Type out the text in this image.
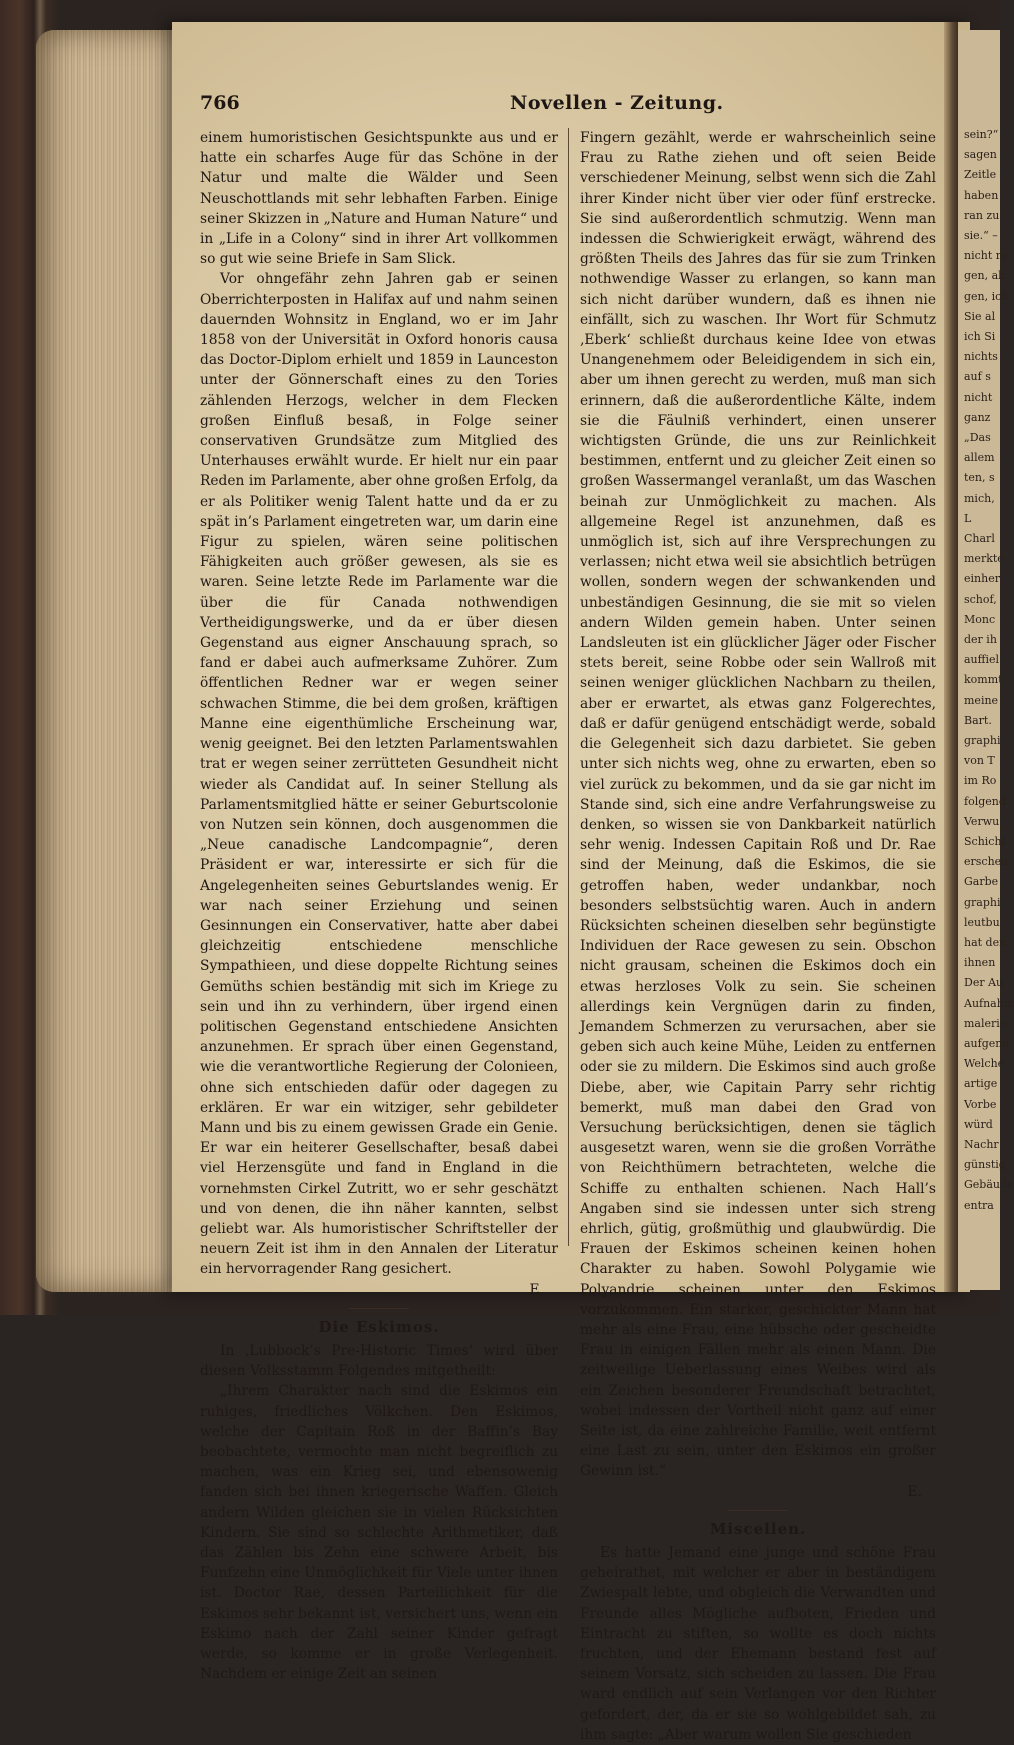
sein?“
sagen
Zeitle
haben
ran zu
sie.“ –
nicht re
gen, ab
gen, ich
Sie al
ich Si
nichts
auf s
nicht
ganz
„Das
allem
ten, s
mich,
L
Charl
merkte
einher
schof,
Monc
der ih
auffiel
kommt
meine
Bart.
graphi
von T
im Ro
folgend
Verwu
Schicht
erscheu
Garbe
graphi
leutbu
hat den
ihnen
Der Au
Aufnahm
malerisc
aufgene
Welche
artige
Vorbe
würd
Nachr
günstig
Gebäude
entra
766	Novellen - Zeitung.

einem humoristischen Gesichtspunkte aus und er hatte ein scharfes Auge für das Schöne in der Natur und malte die Wälder und Seen Neuschottlands mit sehr lebhaften Farben. Einige seiner Skizzen in „Nature and Human Nature“ und in „Life in a Colony“ sind in ihrer Art vollkommen so gut wie seine Briefe in Sam Slick.

Vor ohngefähr zehn Jahren gab er seinen Oberrichterposten in Halifax auf und nahm seinen dauernden Wohnsitz in England, wo er im Jahr 1858 von der Universität in Oxford honoris causa das Doctor-Diplom erhielt und 1859 in Launceston unter der Gönnerschaft eines zu den Tories zählenden Herzogs, welcher in dem Flecken großen Einfluß besaß, in Folge seiner conservativen Grundsätze zum Mitglied des Unterhauses erwählt wurde. Er hielt nur ein paar Reden im Parlamente, aber ohne großen Erfolg, da er als Politiker wenig Talent hatte und da er zu spät in’s Parlament eingetreten war, um darin eine Figur zu spielen, wären seine politischen Fähigkeiten auch größer gewesen, als sie es waren. Seine letzte Rede im Parlamente war die über die für Canada nothwendigen Vertheidigungswerke, und da er über diesen Gegenstand aus eigner Anschauung sprach, so fand er dabei auch aufmerksame Zuhörer. Zum öffentlichen Redner war er wegen seiner schwachen Stimme, die bei dem großen, kräftigen Manne eine eigenthümliche Erscheinung war, wenig geeignet. Bei den letzten Parlamentswahlen trat er wegen seiner zerrütteten Gesundheit nicht wieder als Candidat auf. In seiner Stellung als Parlamentsmitglied hätte er seiner Geburtscolonie von Nutzen sein können, doch ausgenommen die „Neue canadische Landcompagnie“, deren Präsident er war, interessirte er sich für die Angelegenheiten seines Geburtslandes wenig. Er war nach seiner Erziehung und seinen Gesinnungen ein Conservativer, hatte aber dabei gleichzeitig entschiedene menschliche Sympathieen, und diese doppelte Richtung seines Gemüths schien beständig mit sich im Kriege zu sein und ihn zu verhindern, über irgend einen politischen Gegenstand entschiedene Ansichten anzunehmen. Er sprach über einen Gegenstand, wie die verantwortliche Regierung der Colonieen, ohne sich entschieden dafür oder dagegen zu erklären. Er war ein witziger, sehr gebildeter Mann und bis zu einem gewissen Grade ein Genie. Er war ein heiterer Gesellschafter, besaß dabei viel Herzensgüte und fand in England in die vornehmsten Cirkel Zutritt, wo er sehr geschätzt und von denen, die ihn näher kannten, selbst geliebt war. Als humoristischer Schriftsteller der neuern Zeit ist ihm in den Annalen der Literatur ein hervorragender Rang gesichert.

E.

Die Eskimos.

In ‚Lubbock’s Pre-Historic Times‘ wird über diesen Volksstamm Folgendes mitgetheilt:

„Ihrem Charakter nach sind die Eskimos ein ruhiges, friedliches Völkchen. Den Eskimos, welche der Capitain Roß in der Baffin’s Bay beobachtete, vermochte man nicht begreiflich zu machen, was ein Krieg sei, und ebensowenig fanden sich bei ihnen kriegerische Waffen. Gleich andern Wilden gleichen sie in vielen Rücksichten Kindern. Sie sind so schlechte Arithmetiker, daß das Zählen bis Zehn eine schwere Arbeit, bis Funfzehn eine Unmöglichkeit für Viele unter ihnen ist. Doctor Rae, dessen Parteilichkeit für die Eskimos sehr bekannt ist, versichert uns, wenn ein Eskimo nach der Zahl seiner Kinder gefragt werde, so komme er in große Verlegenheit. Nachdem er einige Zeit an seinen

Fingern gezählt, werde er wahrscheinlich seine Frau zu Rathe ziehen und oft seien Beide verschiedener Meinung, selbst wenn sich die Zahl ihrer Kinder nicht über vier oder fünf erstrecke. Sie sind außerordentlich schmutzig. Wenn man indessen die Schwierigkeit erwägt, während des größten Theils des Jahres das für sie zum Trinken nothwendige Wasser zu erlangen, so kann man sich nicht darüber wundern, daß es ihnen nie einfällt, sich zu waschen. Ihr Wort für Schmutz ‚Eberk‘ schließt durchaus keine Idee von etwas Unangenehmem oder Beleidigendem in sich ein, aber um ihnen gerecht zu werden, muß man sich erinnern, daß die außerordentliche Kälte, indem sie die Fäulniß verhindert, einen unserer wichtigsten Gründe, die uns zur Reinlichkeit bestimmen, entfernt und zu gleicher Zeit einen so großen Wassermangel veranlaßt, um das Waschen beinah zur Unmöglichkeit zu machen. Als allgemeine Regel ist anzunehmen, daß es unmöglich ist, sich auf ihre Versprechungen zu verlassen; nicht etwa weil sie absichtlich betrügen wollen, sondern wegen der schwankenden und unbeständigen Gesinnung, die sie mit so vielen andern Wilden gemein haben. Unter seinen Landsleuten ist ein glücklicher Jäger oder Fischer stets bereit, seine Robbe oder sein Wallroß mit seinen weniger glücklichen Nachbarn zu theilen, aber er erwartet, als etwas ganz Folgerechtes, daß er dafür genügend entschädigt werde, sobald die Gelegenheit sich dazu darbietet. Sie geben unter sich nichts weg, ohne zu erwarten, eben so viel zurück zu bekommen, und da sie gar nicht im Stande sind, sich eine andre Verfahrungsweise zu denken, so wissen sie von Dankbarkeit natürlich sehr wenig. Indessen Capitain Roß und Dr. Rae sind der Meinung, daß die Eskimos, die sie getroffen haben, weder undankbar, noch besonders selbstsüchtig waren. Auch in andern Rücksichten scheinen dieselben sehr begünstigte Individuen der Race gewesen zu sein. Obschon nicht grausam, scheinen die Eskimos doch ein etwas herzloses Volk zu sein. Sie scheinen allerdings kein Vergnügen darin zu finden, Jemandem Schmerzen zu verursachen, aber sie geben sich auch keine Mühe, Leiden zu entfernen oder sie zu mildern. Die Eskimos sind auch große Diebe, aber, wie Capitain Parry sehr richtig bemerkt, muß man dabei den Grad von Versuchung berücksichtigen, denen sie täglich ausgesetzt waren, wenn sie die großen Vorräthe von Reichthümern betrachteten, welche die Schiffe zu enthalten schienen. Nach Hall’s Angaben sind sie indessen unter sich streng ehrlich, gütig, großmüthig und glaubwürdig. Die Frauen der Eskimos scheinen keinen hohen Charakter zu haben. Sowohl Polygamie wie Polyandrie scheinen unter den Eskimos vorzukommen. Ein starker, geschickter Mann hat mehr als eine Frau, eine hübsche oder gescheidte Frau in einigen Fällen mehr als einen Mann. Die zeitweilige Ueberlassung eines Weibes wird als ein Zeichen besonderer Freundschaft betrachtet, wobei indessen der Vortheil nicht ganz auf einer Seite ist, da eine zahlreiche Familie, weit entfernt eine Last zu sein, unter den Eskimos ein großer Gewinn ist.“

E.

Miscellen.

Es hatte Jemand eine junge und schöne Frau geheirathet, mit welcher er aber in beständigem Zwiespalt lebte, und obgleich die Verwandten und Freunde alles Mögliche aufboten, Frieden und Eintracht zu stiften, so wollte es doch nichts fruchten, und der Ehemann bestand fest auf seinem Vorsatz, sich scheiden zu lassen. Die Frau ward endlich auf sein Verlangen vor den Richter gefordert, der, da er sie so wohlgebildet sah, zu ihm sagte: „Aber warum wollen Sie geschieden
